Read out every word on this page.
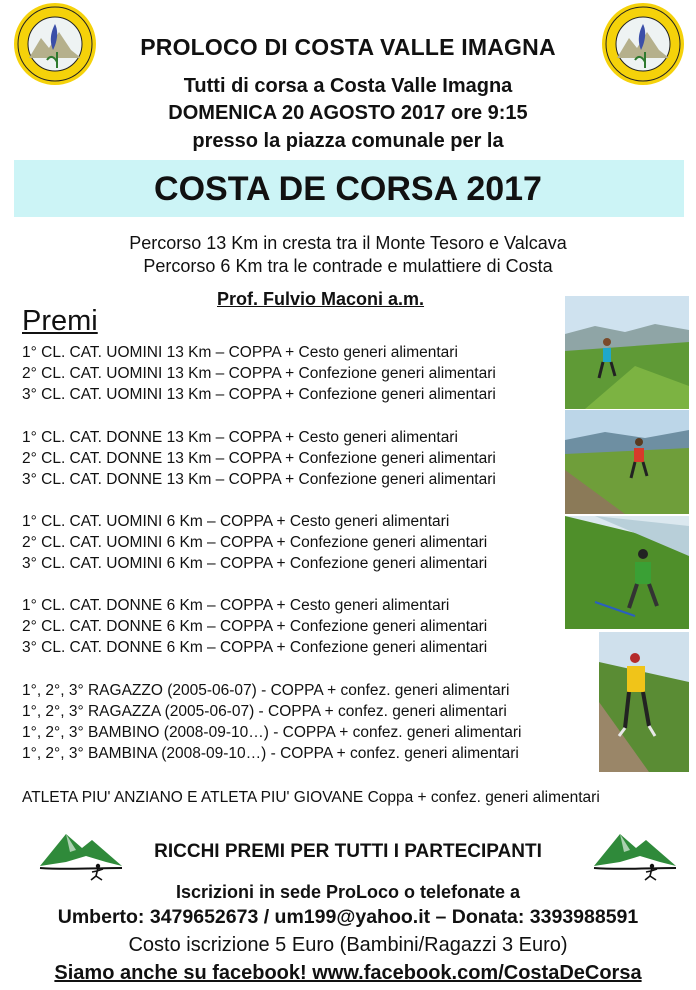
PROLOCO DI COSTA VALLE IMAGNA
Tutti di corsa a Costa Valle Imagna
DOMENICA 20 AGOSTO 2017 ore 9:15
presso la piazza comunale per la
COSTA DE CORSA 2017
Percorso 13 Km in cresta tra il Monte Tesoro e Valcava
Percorso 6 Km tra le contrade e mulattiere di Costa
Prof. Fulvio Maconi a.m.
Premi
1° CL. CAT. UOMINI 13 Km – COPPA + Cesto generi alimentari
2° CL. CAT. UOMINI 13 Km – COPPA + Confezione generi alimentari
3° CL. CAT. UOMINI 13 Km – COPPA + Confezione generi alimentari
1° CL. CAT. DONNE 13 Km – COPPA + Cesto generi alimentari
2° CL. CAT. DONNE 13 Km – COPPA + Confezione generi alimentari
3° CL. CAT. DONNE 13 Km – COPPA + Confezione generi alimentari
1° CL. CAT. UOMINI 6 Km – COPPA + Cesto generi alimentari
2° CL. CAT. UOMINI 6 Km – COPPA + Confezione generi alimentari
3° CL. CAT. UOMINI 6 Km – COPPA + Confezione generi alimentari
1° CL. CAT. DONNE 6 Km – COPPA + Cesto generi alimentari
2° CL. CAT. DONNE 6 Km – COPPA + Confezione generi alimentari
3° CL. CAT. DONNE 6 Km – COPPA + Confezione generi alimentari
1°, 2°, 3° RAGAZZO (2005-06-07) - COPPA + confez. generi alimentari
1°, 2°, 3° RAGAZZA (2005-06-07) - COPPA + confez. generi alimentari
1°, 2°, 3° BAMBINO (2008-09-10…) - COPPA + confez. generi alimentari
1°, 2°, 3° BAMBINA (2008-09-10…) - COPPA + confez. generi alimentari
ATLETA PIU' ANZIANO E ATLETA PIU' GIOVANE Coppa + confez. generi alimentari
RICCHI PREMI PER TUTTI I PARTECIPANTI
Iscrizioni in sede ProLoco o telefonate a
Umberto: 3479652673 / um199@yahoo.it – Donata: 3393988591
Costo iscrizione 5 Euro (Bambini/Ragazzi 3 Euro)
Siamo anche su facebook! www.facebook.com/CostaDeCorsa
